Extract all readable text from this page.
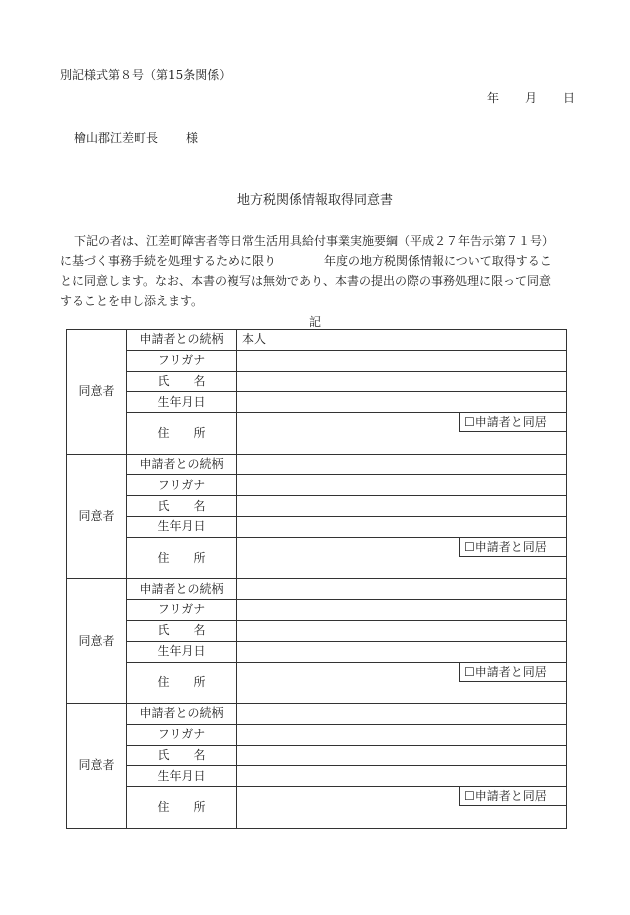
別記様式第８号（第15条関係）
年 月 日
檜山郡江差町長 様
地方税関係情報取得同意書
下記の者は、江差町障害者等日常生活用具給付事業実施要綱（平成２７年告示第７１号）
に基づく事務手続を処理するために限り　　　　年度の地方税関係情報について取得するこ
とに同意します。なお、本書の複写は無効であり、本書の提出の際の事務処理に限って同意
することを申し添えます。
記
同意者	申請者との続柄	本人
	フリガナ	
	氏　　名	
	生年月日	
	住　　所	☐申請者と同居

同意者	申請者との続柄	
	フリガナ	
	氏　　名	
	生年月日	
	住　　所	☐申請者と同居

同意者	申請者との続柄	
	フリガナ	
	氏　　名	
	生年月日	
	住　　所	☐申請者と同居

同意者	申請者との続柄	
	フリガナ	
	氏　　名	
	生年月日	
	住　　所	☐申請者と同居
